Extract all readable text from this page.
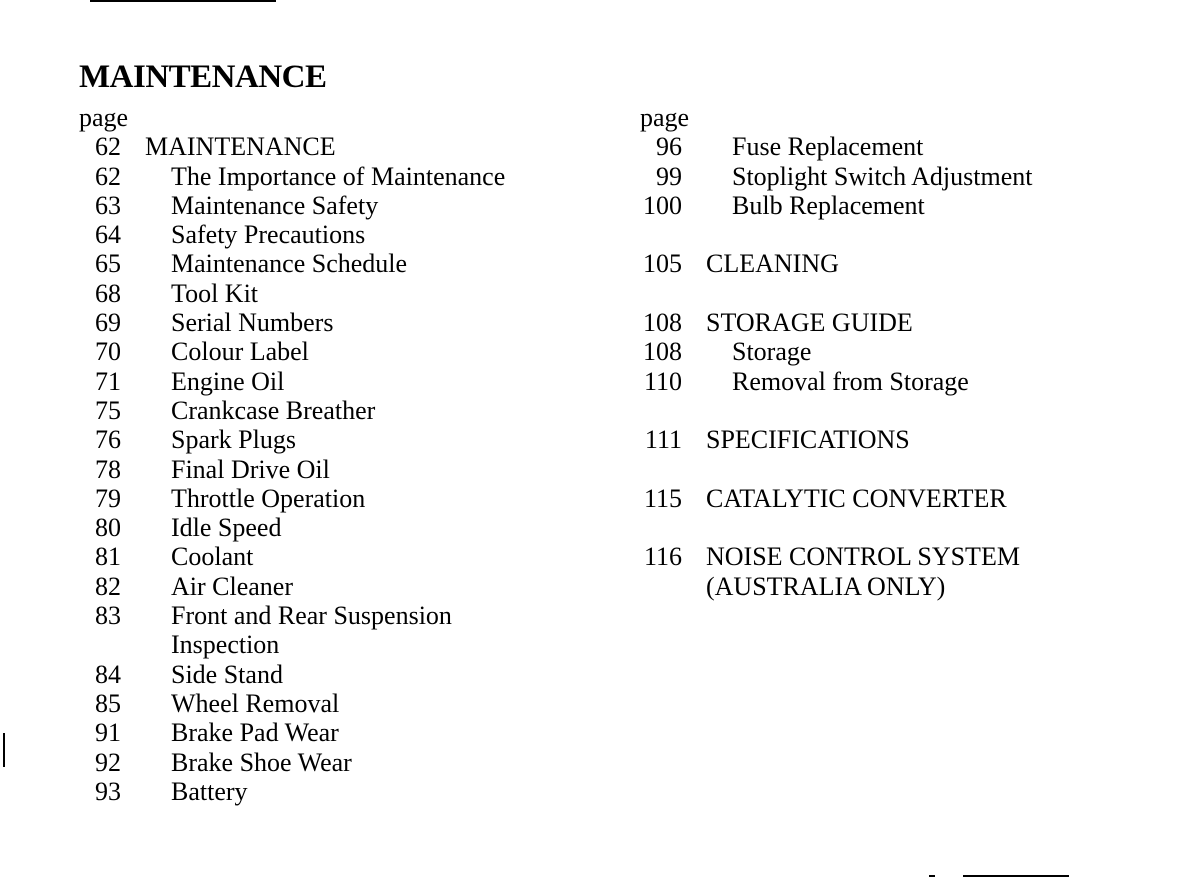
MAINTENANCE
page
62 MAINTENANCE
62 The Importance of Maintenance
63 Maintenance Safety
64 Safety Precautions
65 Maintenance Schedule
68 Tool Kit
69 Serial Numbers
70 Colour Label
71 Engine Oil
75 Crankcase Breather
76 Spark Plugs
78 Final Drive Oil
79 Throttle Operation
80 Idle Speed
81 Coolant
82 Air Cleaner
83 Front and Rear Suspension
Inspection
84 Side Stand
85 Wheel Removal
91 Brake Pad Wear
92 Brake Shoe Wear
93 Battery
page
96 Fuse Replacement
99 Stoplight Switch Adjustment
100 Bulb Replacement
105 CLEANING
108 STORAGE GUIDE
108 Storage
110 Removal from Storage
111 SPECIFICATIONS
115 CATALYTIC CONVERTER
116 NOISE CONTROL SYSTEM
(AUSTRALIA ONLY)
